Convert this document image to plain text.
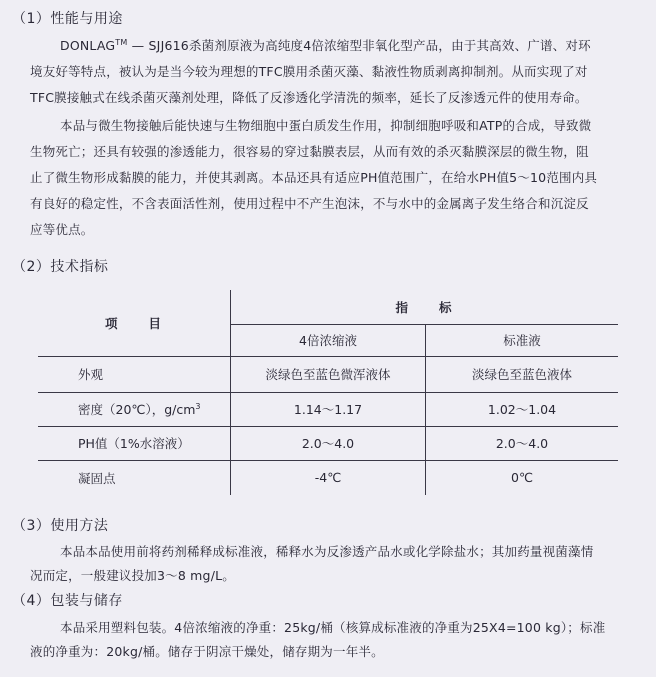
（1）性能与用途
DONLAG™ — SJJ616杀菌剂原液为高纯度4倍浓缩型非氧化型产品，由于其高效、广谱、对环
境友好等特点，被认为是当今较为理想的TFC膜用杀菌灭藻、黏液性物质剥离抑制剂。从而实现了对
TFC膜接触式在线杀菌灭藻剂处理，降低了反渗透化学清洗的频率，延长了反渗透元件的使用寿命。
本品与微生物接触后能快速与生物细胞中蛋白质发生作用，抑制细胞呼吸和ATP的合成，导致微
生物死亡；还具有较强的渗透能力，很容易的穿过黏膜表层，从而有效的杀灭黏膜深层的微生物，阻
止了微生物形成黏膜的能力，并使其剥离。本品还具有适应PH值范围广，在给水PH值5～10范围内具
有良好的稳定性，不含表面活性剂，使用过程中不产生泡沫，不与水中的金属离子发生络合和沉淀反
应等优点。
（2）技术指标
项　　目	指　　标	
	4倍浓缩液	标准液
外观	淡绿色至蓝色微浑液体	淡绿色至蓝色液体
密度（20℃），$g/cm^3$	1.14～1.17	1.02～1.04
PH值（1%水溶液）	2.0～4.0	2.0～4.0
凝固点	-4℃	0℃
（3）使用方法
本品本品使用前将药剂稀释成标准液，稀释水为反渗透产品水或化学除盐水；其加药量视菌藻情
况而定，一般建议投加3～8 mg/L。
（4）包装与储存
本品采用塑料包装。4倍浓缩液的净重：25kg/桶（核算成标准液的净重为25X4=100 kg）；标准
液的净重为：20kg/桶。储存于阴凉干燥处，储存期为一年半。
